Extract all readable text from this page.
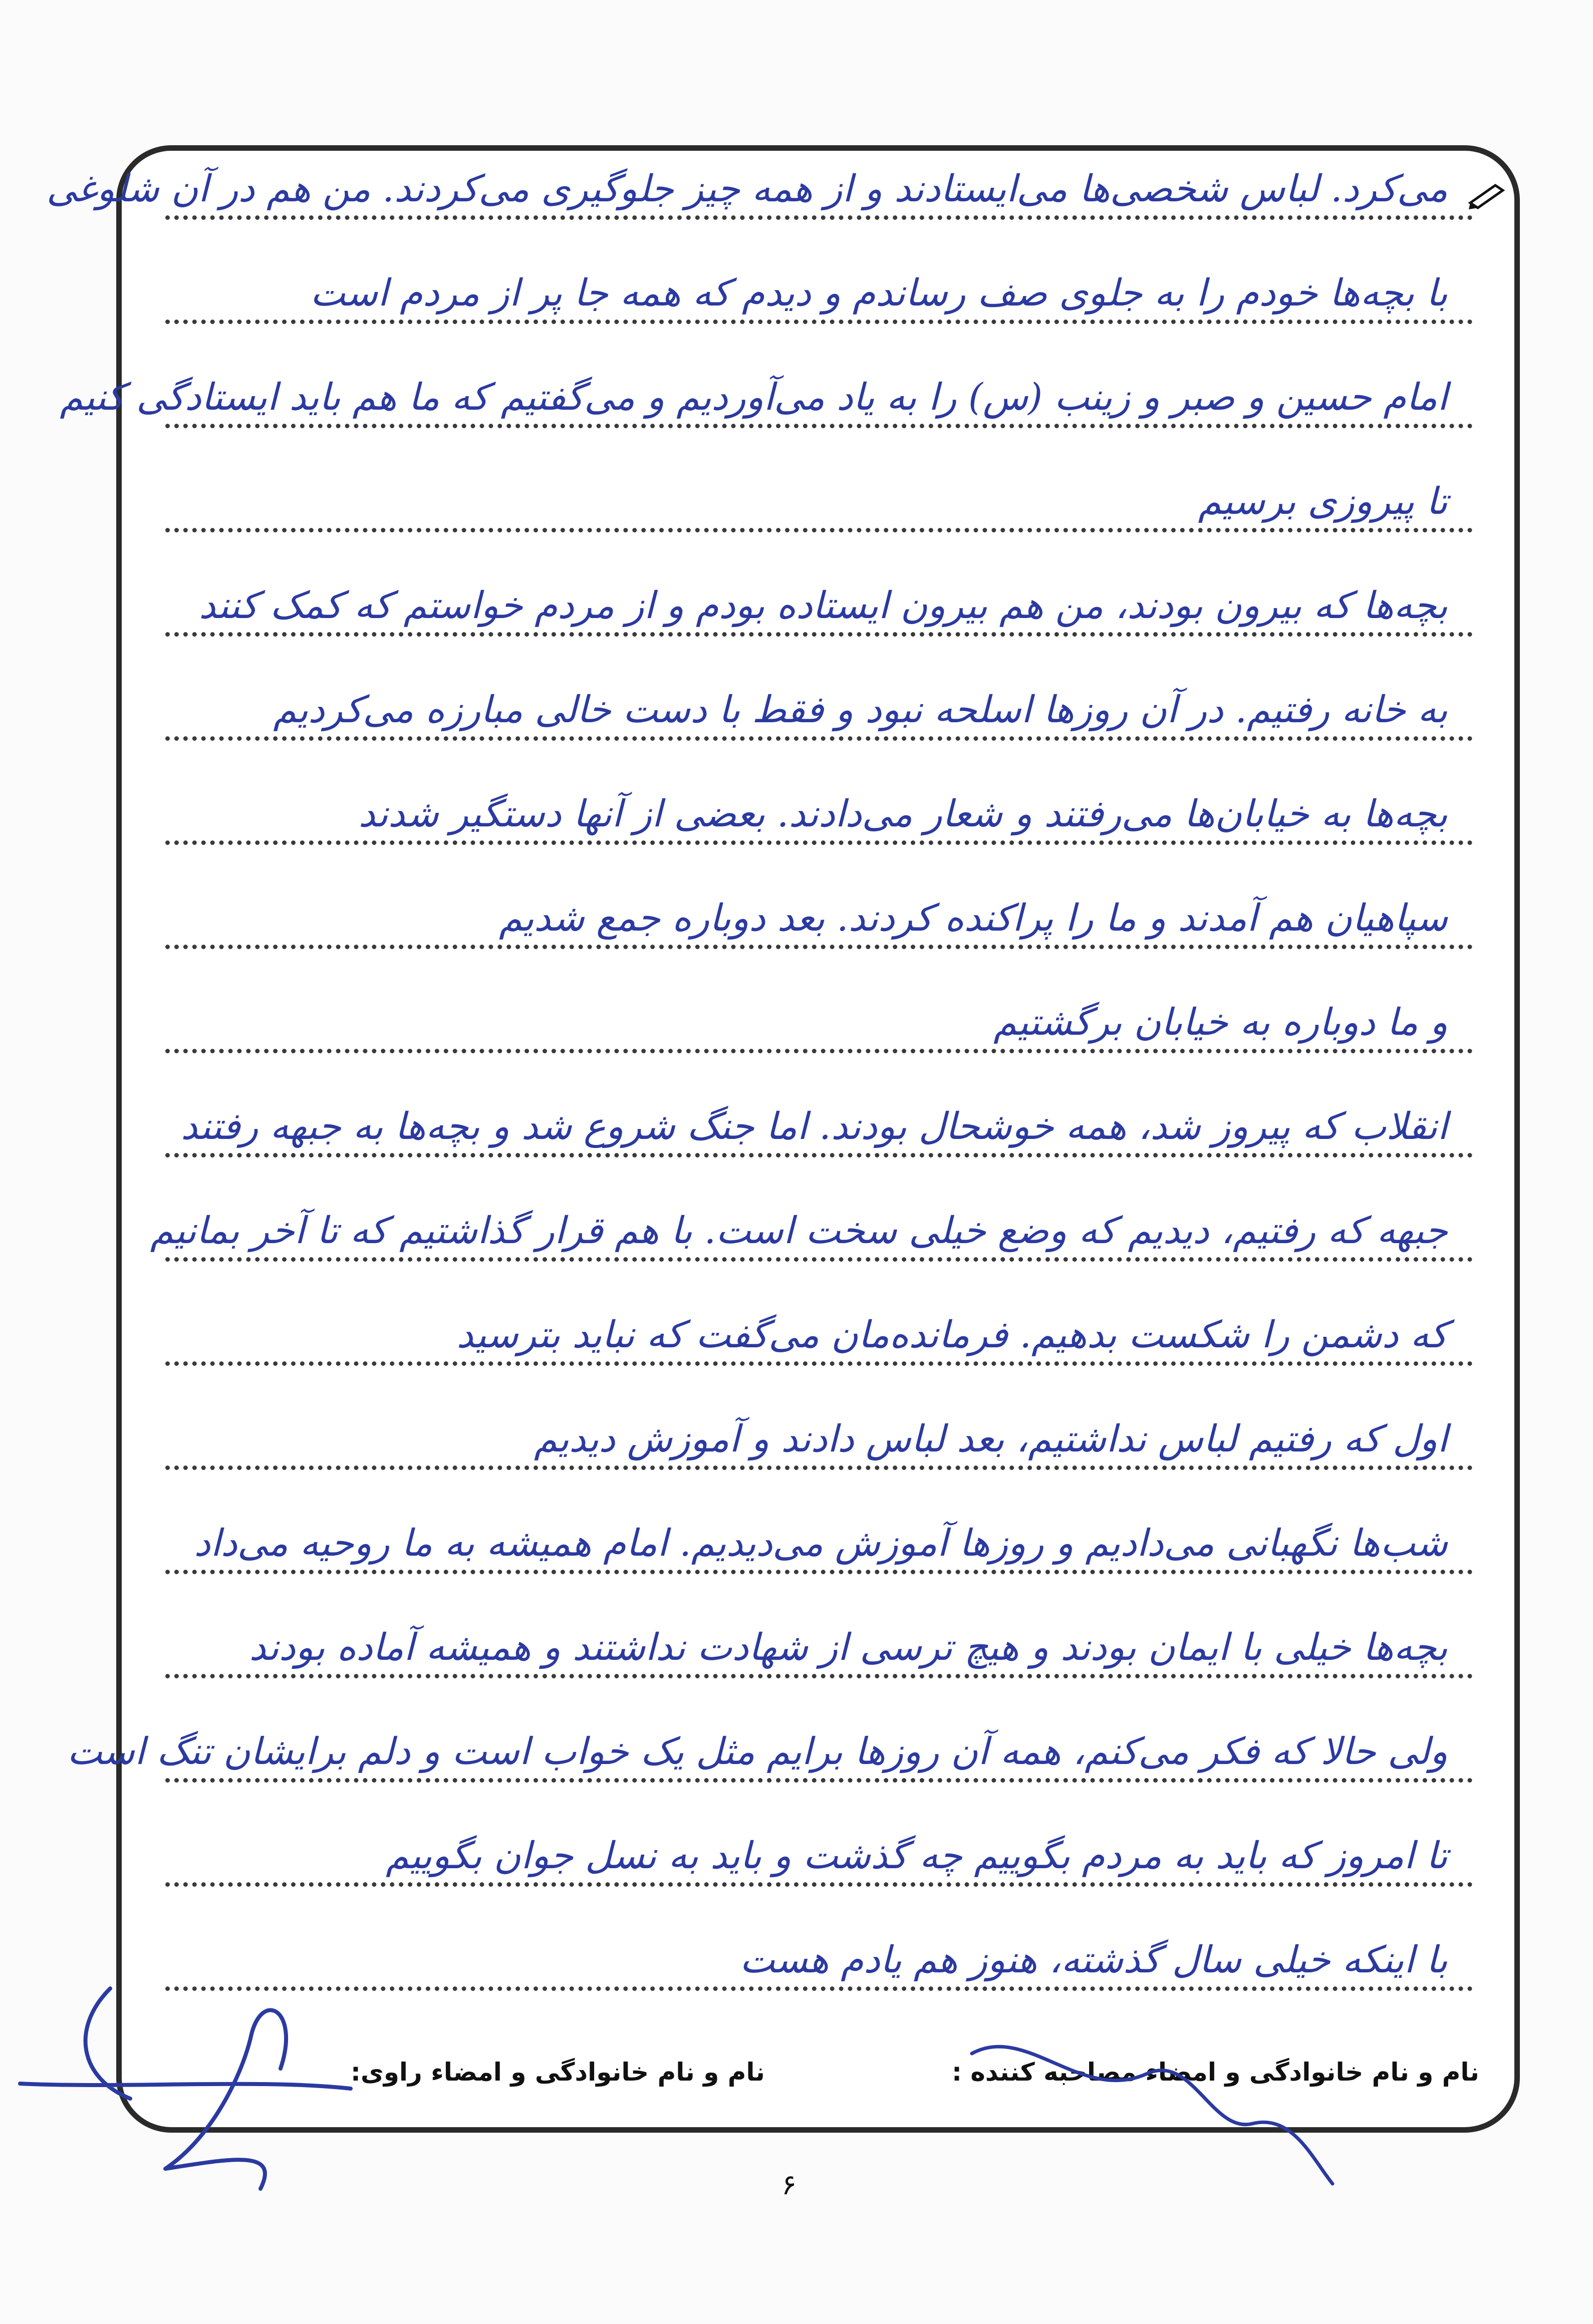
می‌کرد. لباس شخصی‌ها می‌ایستادند و از همه چیز جلوگیری می‌کردند. من هم در آن شلوغی
با بچه‌ها خودم را به جلوی صف رساندم و دیدم که همه جا پر از مردم است
امام حسین و صبر و زینب (س) را به یاد می‌آوردیم و می‌گفتیم که ما هم باید ایستادگی کنیم
تا پیروزی برسیم
بچه‌ها که بیرون بودند، من هم بیرون ایستاده بودم و از مردم خواستم که کمک کنند
به خانه رفتیم. در آن روزها اسلحه نبود و فقط با دست خالی مبارزه می‌کردیم
بچه‌ها به خیابان‌ها می‌رفتند و شعار می‌دادند. بعضی از آنها دستگیر شدند
سپاهیان هم آمدند و ما را پراکنده کردند. بعد دوباره جمع شدیم
و ما دوباره به خیابان برگشتیم
انقلاب که پیروز شد، همه خوشحال بودند. اما جنگ شروع شد و بچه‌ها به جبهه رفتند
جبهه که رفتیم، دیدیم که وضع خیلی سخت است. با هم قرار گذاشتیم که تا آخر بمانیم
که دشمن را شکست بدهیم. فرمانده‌مان می‌گفت که نباید بترسید
اول که رفتیم لباس نداشتیم، بعد لباس دادند و آموزش دیدیم
شب‌ها نگهبانی می‌دادیم و روزها آموزش می‌دیدیم. امام همیشه به ما روحیه می‌داد
بچه‌ها خیلی با ایمان بودند و هیچ ترسی از شهادت نداشتند و همیشه آماده بودند
ولی حالا که فکر می‌کنم، همه آن روزها برایم مثل یک خواب است و دلم برایشان تنگ است
تا امروز که باید به مردم بگوییم چه گذشت و باید به نسل جوان بگوییم
با اینکه خیلی سال گذشته، هنوز هم یادم هست
نام و نام خانوادگی و امضاء راوی:	نام و نام خانوادگی و امضاء مصاحبه کننده :
۶
